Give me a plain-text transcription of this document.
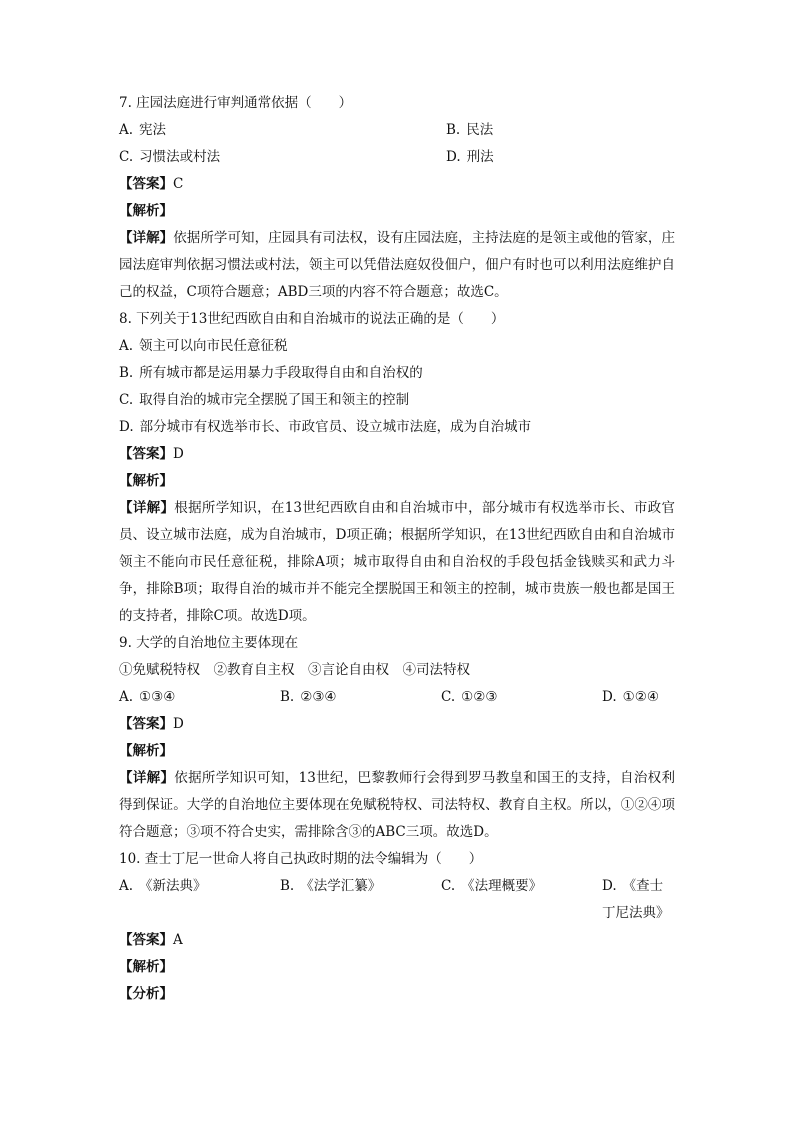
7. 庄园法庭进行审判通常依据（　　）
A. 宪法	B. 民法
C. 习惯法或村法	D. 刑法
【答案】C
【解析】
【详解】依据所学可知，庄园具有司法权，设有庄园法庭，主持法庭的是领主或他的管家，庄园法庭审判依据习惯法或村法，领主可以凭借法庭奴役佃户，佃户有时也可以利用法庭维护自己的权益，C项符合题意；ABD三项的内容不符合题意；故选C。
8. 下列关于13世纪西欧自由和自治城市的说法正确的是（　　）
A. 领主可以向市民任意征税
B. 所有城市都是运用暴力手段取得自由和自治权的
C. 取得自治的城市完全摆脱了国王和领主的控制
D. 部分城市有权选举市长、市政官员、设立城市法庭，成为自治城市
【答案】D
【解析】
【详解】根据所学知识，在13世纪西欧自由和自治城市中，部分城市有权选举市长、市政官员、设立城市法庭，成为自治城市，D项正确；根据所学知识，在13世纪西欧自由和自治城市领主不能向市民任意征税，排除A项；城市取得自由和自治权的手段包括金钱赎买和武力斗争，排除B项；取得自治的城市并不能完全摆脱国王和领主的控制，城市贵族一般也都是国王的支持者，排除C项。故选D项。
9. 大学的自治地位主要体现在
①免赋税特权　②教育自主权　③言论自由权　④司法特权
A. ①③④	B. ②③④	C. ①②③	D. ①②④
【答案】D
【解析】
【详解】依据所学知识可知，13世纪，巴黎教师行会得到罗马教皇和国王的支持，自治权利得到保证。大学的自治地位主要体现在免赋税特权、司法特权、教育自主权。所以，①②④项符合题意；③项不符合史实，需排除含③的ABC三项。故选D。
10. 查士丁尼一世命人将自己执政时期的法令编辑为（　　）
A. 《新法典》	B. 《法学汇纂》	C. 《法理概要》	D. 《查士丁尼法典》
【答案】A
【解析】
【分析】
